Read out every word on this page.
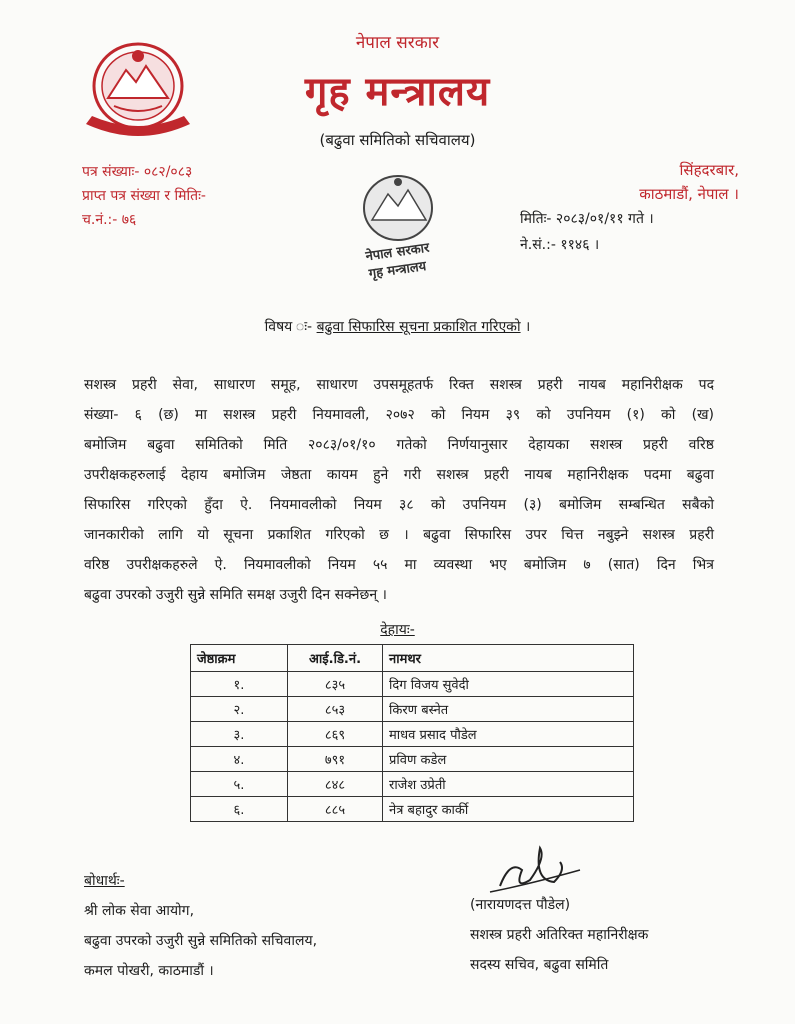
नेपाल सरकार
गृह मन्त्रालय
(बढुवा समितिको सचिवालय)
पत्र संख्याः- ०८२/०८३
प्राप्त पत्र संख्या र मितिः-
च.नं.:- ७६
नेपाल सरकार
गृह मन्त्रालय
सिंहदरबार,
काठमाडौं, नेपाल ।
मितिः- २०८३/०१/११ गते ।
ने.सं.:- ११४६ ।
विषय ः- बढुवा सिफारिस सूचना प्रकाशित गरिएको ।
सशस्त्र प्रहरी सेवा, साधारण समूह, साधारण उपसमूहतर्फ रिक्त सशस्त्र प्रहरी नायब महानिरीक्षक पद
संख्या- ६ (छ) मा सशस्त्र प्रहरी नियमावली, २०७२ को नियम ३९ को उपनियम (१) को (ख)
बमोजिम बढुवा समितिको मिति २०८३/०१/१० गतेको निर्णयानुसार देहायका सशस्त्र प्रहरी वरिष्ठ
उपरीक्षकहरुलाई देहाय बमोजिम जेष्ठता कायम हुने गरी सशस्त्र प्रहरी नायब महानिरीक्षक पदमा बढुवा
सिफारिस गरिएको हुँदा ऐ. नियमावलीको नियम ३८ को उपनियम (३) बमोजिम सम्बन्धित सबैको
जानकारीको लागि यो सूचना प्रकाशित गरिएको छ । बढुवा सिफारिस उपर चित्त नबुझ्ने सशस्त्र प्रहरी
वरिष्ठ उपरीक्षकहरुले ऐ. नियमावलीको नियम ५५ मा व्यवस्था भए बमोजिम ७ (सात) दिन भित्र
बढुवा उपरको उजुरी सुन्ने समिति समक्ष उजुरी दिन सक्नेछन् ।
देहायः-
जेष्ठाक्रम	आई.डि.नं.	नामथर
१.	८३५	दिग विजय सुवेदी
२.	८५३	किरण बस्नेत
३.	८६९	माधव प्रसाद पौडेल
४.	७९१	प्रविण कडेल
५.	८४८	राजेश उप्रेती
६.	८८५	नेत्र बहादुर कार्की
बोधार्थः-
श्री लोक सेवा आयोग,
बढुवा उपरको उजुरी सुन्ने समितिको सचिवालय,
कमल पोखरी, काठमाडौं ।
(नारायणदत्त पौडेल)
सशस्त्र प्रहरी अतिरिक्त महानिरीक्षक
सदस्य सचिव, बढुवा समिति
